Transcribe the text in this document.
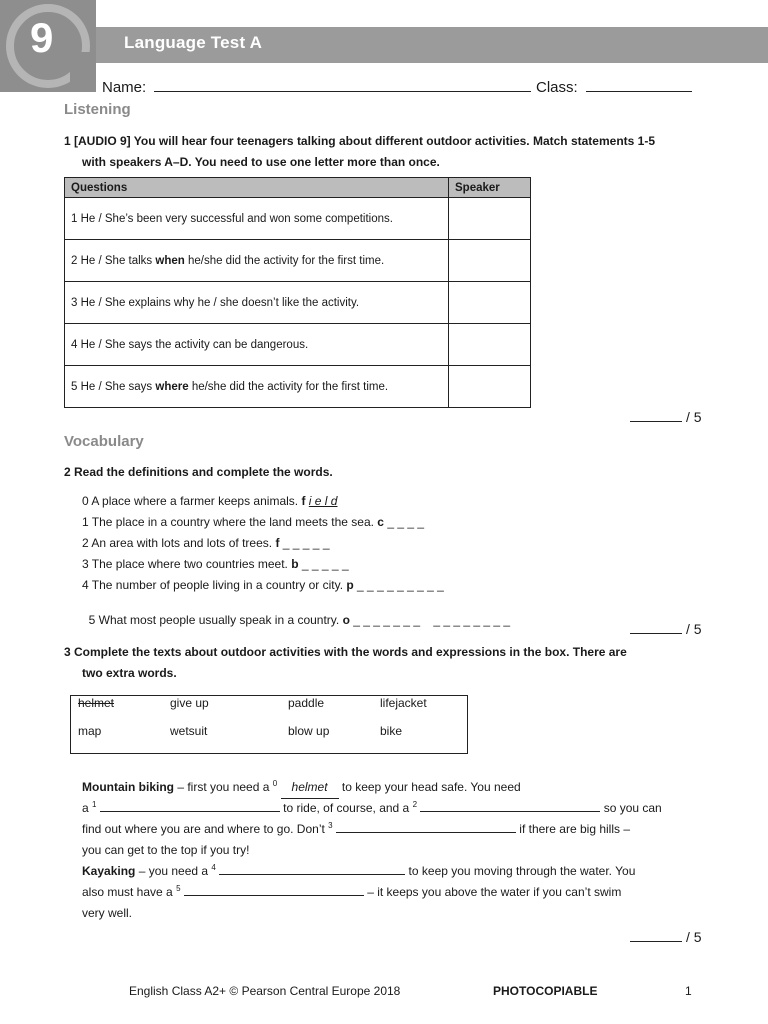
9	Language Test A
Name:	Class:
Listening
1 [AUDIO 9] You will hear four teenagers talking about different outdoor activities. Match statements 1-5
with speakers A–D. You need to use one letter more than once.
Questions	Speaker
1 He / She’s been very successful and won some competitions.	
2 He / She talks when he/she did the activity for the first time.	
3 He / She explains why he / she doesn’t like the activity.	
4 He / She says the activity can be dangerous.	
5 He / She says where he/she did the activity for the first time.	
/ 5
Vocabulary
2 Read the definitions and complete the words.
0 A place where a farmer keeps animals. f i e l d
1 The place in a country where the land meets the sea. c _ _ _ _
2 An area with lots and lots of trees. f _ _ _ _ _
3 The place where two countries meet. b _ _ _ _ _
4 The number of people living in a country or city. p _ _ _ _ _ _ _ _ _

5 What most people usually speak in a country. o _ _ _ _ _ _ _    _ _ _ _ _ _ _ _

/ 5
3 Complete the texts about outdoor activities with the words and expressions in the box. There are
two extra words.
helmet	give up	paddle	lifejacket
map	wetsuit	blow up	bike
Mountain biking – first you need a $^0$ helmet to keep your head safe. You need
a $^1$	to ride, of course, and a $^2$	so you can
find out where you are and where to go. Don’t $^3$	if there are big hills –
you can get to the top if you try!
Kayaking – you need a $^4$	to keep you moving through the water. You
also must have a $^5$	– it keeps you above the water if you can’t swim
very well.
/ 5
English Class A2+ © Pearson Central Europe 2018	PHOTOCOPIABLE	1
